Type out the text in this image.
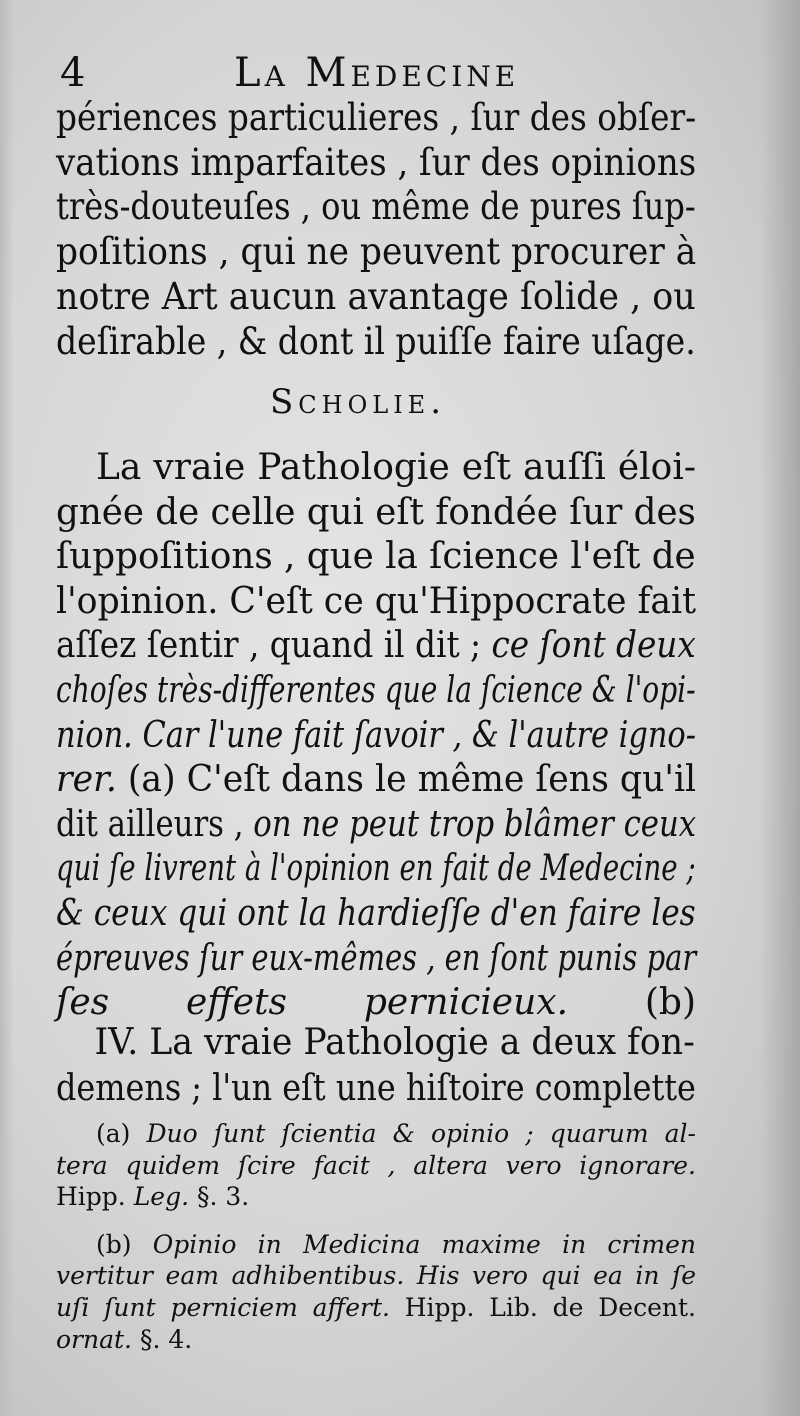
4	La Medecine
périences particulieres , ſur des obſer-
vations imparfaites , ſur des opinions
très-douteuſes , ou même de pures ſup-
poſitions , qui ne peuvent procurer à
notre Art aucun avantage ſolide , ou
deſirable , & dont il puiſſe faire uſage.
Scholie.
La vraie Pathologie eſt auſſi éloi-
gnée de celle qui eſt fondée ſur des
ſuppoſitions , que la ſcience l'eſt de
l'opinion. C'eſt ce qu'Hippocrate fait
aſſez ſentir , quand il dit ; ce ſont deux
choſes très-differentes que la ſcience & l'opi-
nion. Car l'une fait ſavoir , & l'autre igno-
rer. (a) C'eſt dans le même ſens qu'il
dit ailleurs , on ne peut trop blâmer ceux
qui ſe livrent à l'opinion en fait de Medecine ;
& ceux qui ont la hardieſſe d'en faire les
épreuves ſur eux-mêmes , en ſont punis par
ſes effets pernicieux. (b)
IV. La vraie Pathologie a deux fon-
demens ; l'un eſt une hiſtoire complette
(a) Duo ſunt ſcientia & opinio ; quarum al-
tera quidem ſcire facit , altera vero ignorare.
Hipp. Leg. §. 3.
(b) Opinio in Medicina maxime in crimen
vertitur eam adhibentibus. His vero qui ea in ſe
uſi ſunt perniciem affert. Hipp. Lib. de Decent.
ornat. §. 4.
